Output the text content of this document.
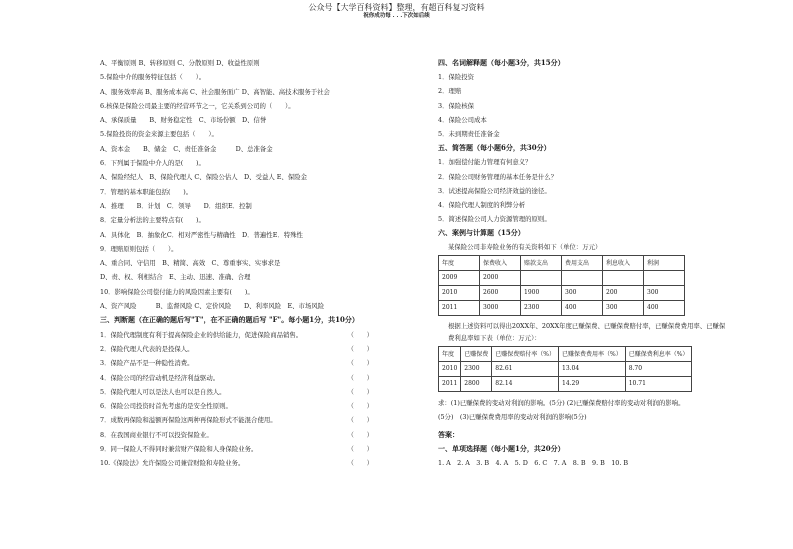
公众号【大学百科资料】整理，有超百科复习资料
祝你成功每 . . .下次如后续
A、平衡原则 B、转移原则 C、分散原则 D、收益性原则
5.保险中介的服务特征包括（　　）。
A、服务效率高 B、服务成本高 C、社会服务面广 D、高智能、高技术服务于社会
6.核保是保险公司最主要的经营环节之一，它关系到公司的（　　）。
A、承保质量　　B、财务稳定性　C、市场份额　D、信誉
5.保险投资的资金来源主要包括（　　）。
A、资本金　　B、储金　C、责任准备金　　　D、总准备金
6．下列属于保险中介人的是(　　)。
A、保险经纪人　B、保险代理人 C、保险公估人　D、受益人 E、保险金
7．管理的基本职能包括(　　)。
A．推理　　B．计划　C．领导　　D．组织E．控制
8．定量分析法的主要特点有(　　)。
A．具体化　B．抽象化C．相对严密性与精确性　D．普遍性E．特殊性
9．理赔原则包括（　　）。
A、重合同、守信用　B、精简、高效　C、尊重事实、实事求是
D、责、权、利相结合　E、主动、迅速、准确、合理
10．影响保险公司偿付能力的风险因素主要有(　　)。
A、资产风险　　　B、监督风险 C、定价风险　　D、利率风险　E、市场风险
三、判断题（在正确的题后写"T"，在不正确的题后写 "F"。每小题1分，共10分）
1．保险代理制度有利于提高保险企业的供给能力，促进保险商品销售。	（　　）
2．保险代理人代表的是投保人。	（　　）
3．保险产品不是一种隐性消费。	（　　）
4．保险公司的经营动机是经济利益驱动。	（　　）
5．保险代理人可以是法人也可以是自然人。	（　　）
6．保险公司投资时首先考虑的是安全性原则。	（　　）
7．成数再保险和溢额再保险这两种再保险形式不能混合使用。	（　　）
8．在我国商业银行不可以投资保险业。	（　　）
9．同一保险人不得同时兼营财产保险和人身保险业务。	（　　）
10.《保险法》允许保险公司兼营财险和寿险业务。	（　　）
四、名词解释题（每小题3分，共15分）
1．保险投资
2．理赔
3．保险核保
4．保险公司成本
5．未到期责任准备金
五、简答题（每小题6分，共30分）
1．加强偿付能力管理有何意义？
2．保险公司财务管理的基本任务是什么？
3．试述提高保险公司经济效益的途径。
4．保险代理人制度的利弊分析
5．简述保险公司人力资源管理的原则。
六、案例与计算题（15分）
某保险公司非寿险业务的有关资料如下（单位：万元）
年度	保费收入	赔款支出	费用支出	利息收入	利润
2009	2000				
2010	2600	1900	300	200	300
2011	3000	2300	400	300	400
根据上述资料可以得出20XX年、20XX年度已赚保费、已赚保费赔付率，已赚保费费用率、已赚保费利息率如下表（单位：万元）：
年度	已赚保费	已赚保费赔付率（%）	已赚保费费用率（%）	已赚保费利息率（%）
2010	2300	82.61	13.04	8.70
2011	2800	82.14	14.29	10.71
求：(1)已赚保费的变动对利润的影响。(5分) (2)已赚保费赔付率的变动对利润的影响。
(5分)　(3)已赚保费费用率的变动对利润的影响(5分)
答案：
一、单项选择题（每小题1分，共20分）
1. A　2. A　3. B　4. A　5. D　6. C　7. A　8. B　9. B　10. B
